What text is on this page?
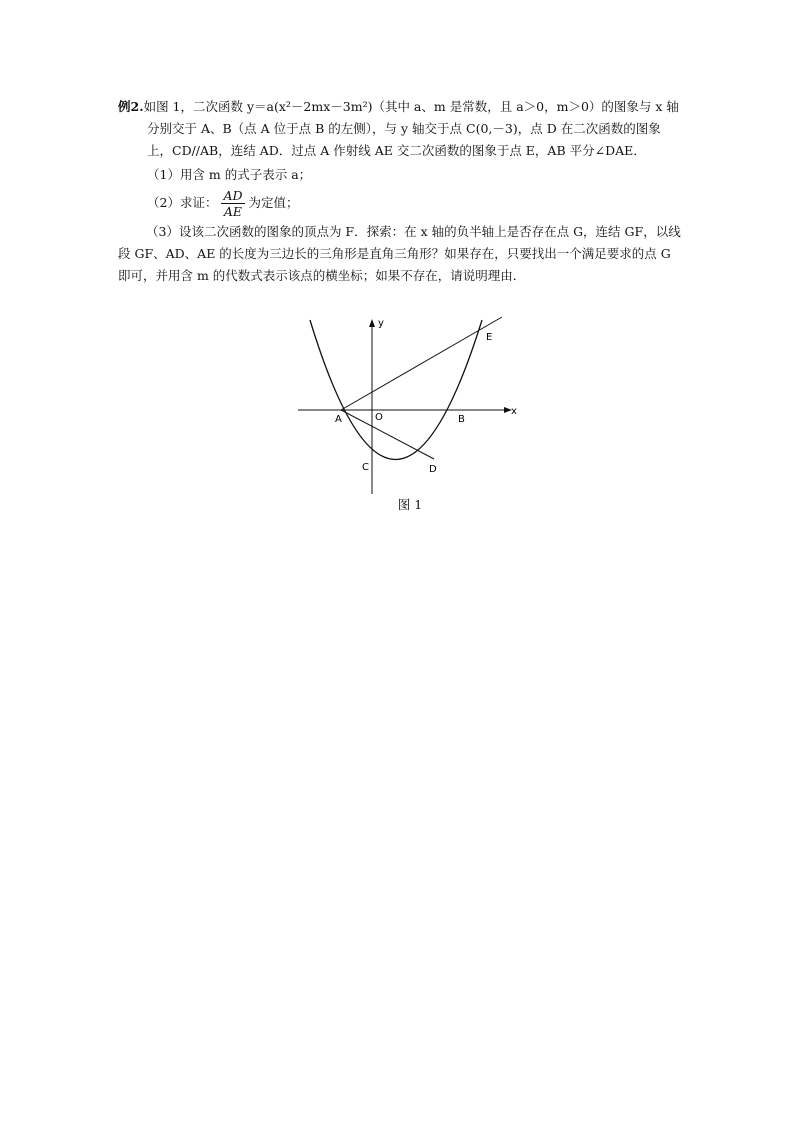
例2.如图 1，二次函数 y＝a(x²－2mx－3m²)（其中 a、m 是常数，且 a＞0，m＞0）的图象与 x 轴分别交于 A、B（点 A 位于点 B 的左侧），与 y 轴交于点 C(0,－3)，点 D 在二次函数的图象上，CD//AB，连结 AD．过点 A 作射线 AE 交二次函数的图象于点 E，AB 平分∠DAE．

（1）用含 m 的式子表示 a；

（2）求证： $\frac{AD}{AE}$ 为定值；

（3）设该二次函数的图象的顶点为 F．探索：在 x 轴的负半轴上是否存在点 G，连结 GF，以线段 GF、AD、AE 的长度为三边长的三角形是直角三角形？如果存在，只要找出一个满足要求的点 G 即可，并用含 m 的代数式表示该点的横坐标；如果不存在，请说明理由．

y
x
A	O	B
C	D
E
图 1
